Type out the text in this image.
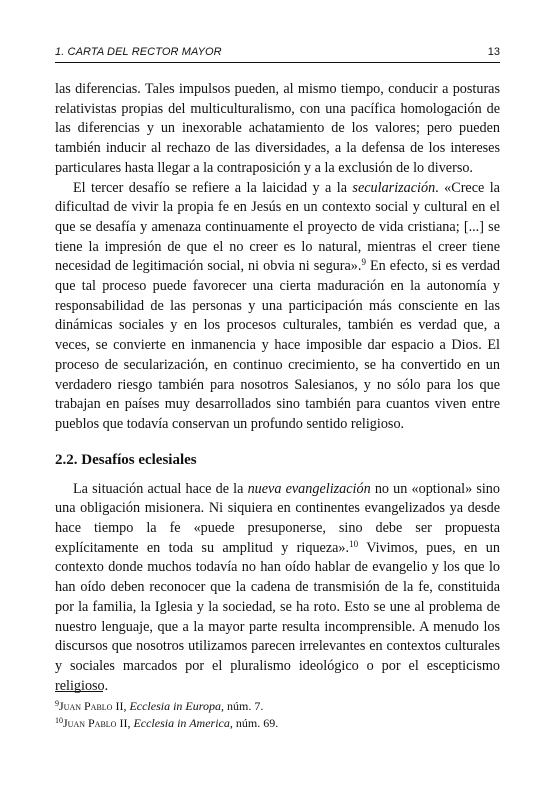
1. CARTA DEL RECTOR MAYOR	13

las diferencias. Tales impulsos pueden, al mismo tiempo, conducir a posturas relativistas propias del multiculturalismo, con una pacífica homologación de las diferencias y un inexorable achatamiento de los valores; pero pueden también inducir al rechazo de las diversidades, a la defensa de los intereses particulares hasta llegar a la contraposición y a la exclusión de lo diverso.

El tercer desafío se refiere a la laicidad y a la secularización. «Crece la dificultad de vivir la propia fe en Jesús en un contexto social y cultural en el que se desafía y amenaza continuamente el proyecto de vida cristiana; [...] se tiene la impresión de que el no creer es lo natural, mientras el creer tiene necesidad de legitimación social, ni obvia ni segura».$^9$ En efecto, si es verdad que tal proceso puede favorecer una cierta maduración en la autonomía y responsabilidad de las personas y una participación más consciente en las dinámicas sociales y en los procesos culturales, también es verdad que, a veces, se convierte en inmanencia y hace imposible dar espacio a Dios. El proceso de secularización, en continuo crecimiento, se ha convertido en un verdadero riesgo también para nosotros Salesianos, y no sólo para los que trabajan en países muy desarrollados sino también para cuantos viven entre pueblos que todavía conservan un profundo sentido religioso.

2.2. Desafíos eclesiales

La situación actual hace de la nueva evangelización no un «optional» sino una obligación misionera. Ni siquiera en continentes evangelizados ya desde hace tiempo la fe «puede presuponerse, sino debe ser propuesta explícitamente en toda su amplitud y riqueza».$^{10}$ Vivimos, pues, en un contexto donde muchos todavía no han oído hablar de evangelio y los que lo han oído deben reconocer que la cadena de transmisión de la fe, constituida por la familia, la Iglesia y la sociedad, se ha roto. Esto se une al problema de nuestro lenguaje, que a la mayor parte resulta incomprensible. A menudo los discursos que nosotros utilizamos parecen irrelevantes en contextos culturales y sociales marcados por el pluralismo ideológico o por el escepticismo religioso.

$^9$Juan Pablo II, Ecclesia in Europa, núm. 7.

$^{10}$Juan Pablo II, Ecclesia in America, núm. 69.
